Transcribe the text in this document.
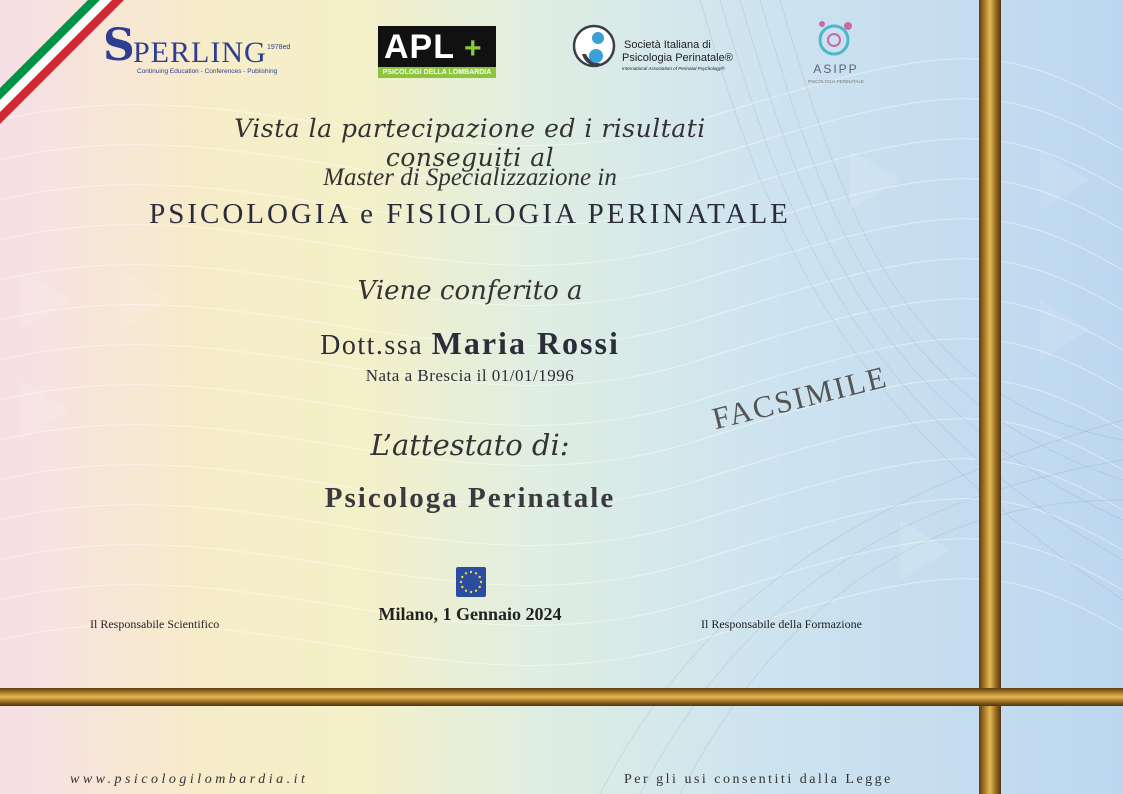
S
PERLING 1978ed
Continuing Education - Conferences - Publishing
APL +
PSICOLOGI DELLA LOMBARDIA
Società Italiana di
Psicologia Perinatale®
International Association of Perinatal Psychology®	ASIPP
PSICOLOGIA PERINATALE
Vista la partecipazione ed i risultati conseguiti al
Master di Specializzazione in
PSICOLOGIA e FISIOLOGIA PERINATALE
Viene conferito a
Dott.ssa Maria Rossi
Nata a Brescia il 01/01/1996
L’attestato di:
Psicologa Perinatale
FACSIMILE
Milano, 1 Gennaio 2024
Il Responsabile Scientifico	Il Responsabile della Formazione
www.psicologilombardia.it	Per gli usi consentiti dalla Legge
